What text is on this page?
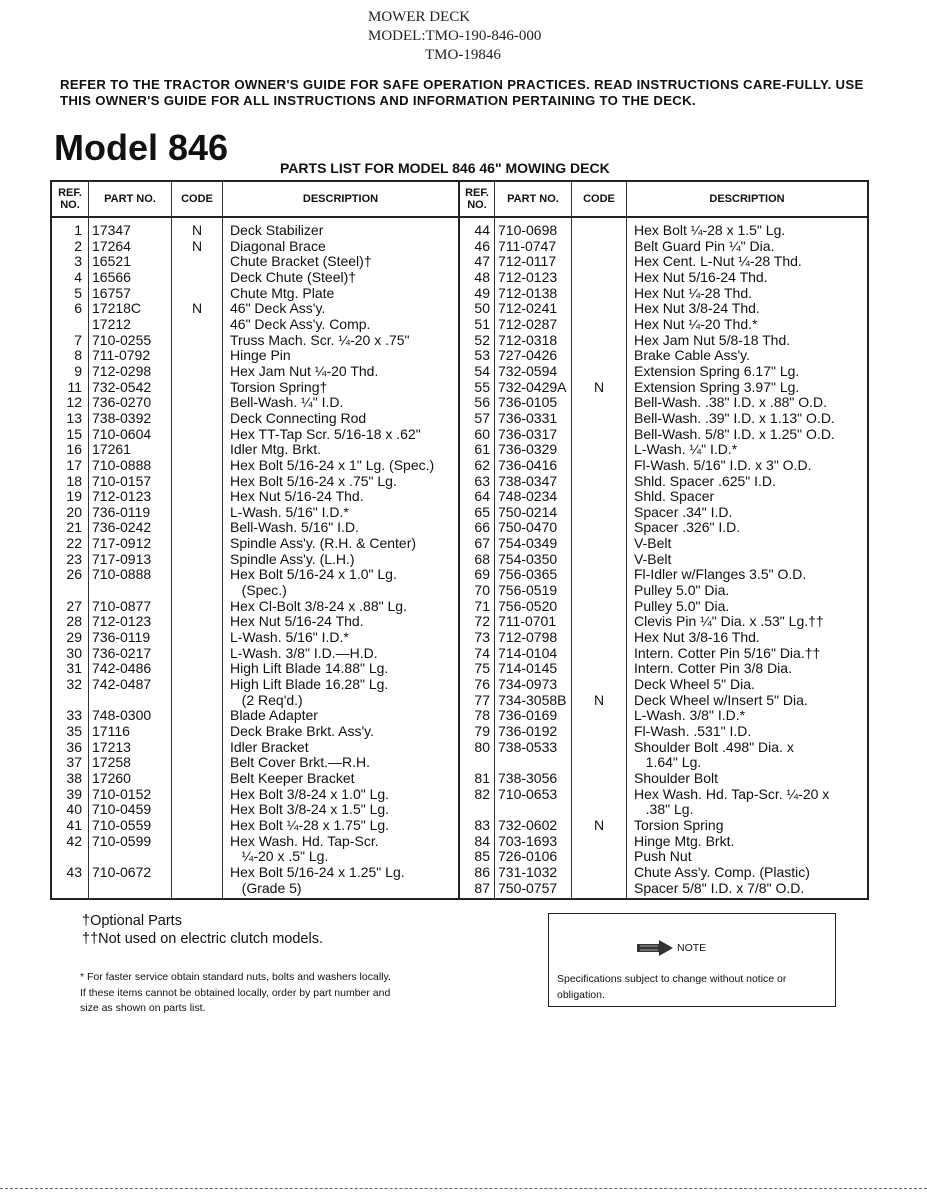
MOWER DECK
MODEL:TMO-190-846-000
TMO-19846
REFER TO THE TRACTOR OWNER'S GUIDE FOR SAFE OPERATION PRACTICES. READ INSTRUCTIONS CARE-FULLY. USE THIS OWNER'S GUIDE FOR ALL INSTRUCTIONS AND INFORMATION PERTAINING TO THE DECK.
Model 846	PARTS LIST FOR MODEL 846 46" MOWING DECK
REF. NO.	PART NO.	CODE	DESCRIPTION
1 17347	N	Deck Stabilizer
2 17264	N	Diagonal Brace
3 16521	Chute Bracket (Steel)†
4 16566	Deck Chute (Steel)†
5 16757	Chute Mtg. Plate
6 17218C	N	46" Deck Ass'y.
17212	46" Deck Ass'y. Comp.
7 710-0255	Truss Mach. Scr. ¼-20 x .75"
8 711-0792	Hinge Pin
9 712-0298	Hex Jam Nut ¼-20 Thd.
11 732-0542	Torsion Spring†
12 736-0270	Bell-Wash. ¼" I.D.
13 738-0392	Deck Connecting Rod
15 710-0604	Hex TT-Tap Scr. 5/16-18 x .62"
16 17261	Idler Mtg. Brkt.
17 710-0888	Hex Bolt 5/16-24 x 1" Lg. (Spec.)
18 710-0157	Hex Bolt 5/16-24 x .75" Lg.
19 712-0123	Hex Nut 5/16-24 Thd.
20 736-0119	L-Wash. 5/16" I.D.*
21 736-0242	Bell-Wash. 5/16" I.D.
22 717-0912	Spindle Ass'y. (R.H. & Center)
23 717-0913	Spindle Ass'y. (L.H.)
26 710-0888	Hex Bolt 5/16-24 x 1.0" Lg.
(Spec.)
27 710-0877	Hex Cl-Bolt 3/8-24 x .88" Lg.
28 712-0123	Hex Nut 5/16-24 Thd.
29 736-0119	L-Wash. 5/16" I.D.*
30 736-0217	L-Wash. 3/8" I.D.—H.D.
31 742-0486	High Lift Blade 14.88" Lg.
32 742-0487	High Lift Blade 16.28" Lg.
(2 Req'd.)
33 748-0300	Blade Adapter
35 17116	Deck Brake Brkt. Ass'y.
36 17213	Idler Bracket
37 17258	Belt Cover Brkt.—R.H.
38 17260	Belt Keeper Bracket
39 710-0152	Hex Bolt 3/8-24 x 1.0" Lg.
40 710-0459	Hex Bolt 3/8-24 x 1.5" Lg.
41 710-0559	Hex Bolt ¼-28 x 1.75" Lg.
42 710-0599	Hex Wash. Hd. Tap-Scr.
¼-20 x .5" Lg.
43 710-0672	Hex Bolt 5/16-24 x 1.25" Lg.
(Grade 5)
REF. NO.	PART NO.	CODE	DESCRIPTION
44 710-0698	Hex Bolt ¼-28 x 1.5" Lg.
46 711-0747	Belt Guard Pin ¼" Dia.
47 712-0117	Hex Cent. L-Nut ¼-28 Thd.
48 712-0123	Hex Nut 5/16-24 Thd.
49 712-0138	Hex Nut ¼-28 Thd.
50 712-0241	Hex Nut 3/8-24 Thd.
51 712-0287	Hex Nut ¼-20 Thd.*
52 712-0318	Hex Jam Nut 5/8-18 Thd.
53 727-0426	Brake Cable Ass'y.
54 732-0594	Extension Spring 6.17" Lg.
55 732-0429A	N	Extension Spring 3.97" Lg.
56 736-0105	Bell-Wash. .38" I.D. x .88" O.D.
57 736-0331	Bell-Wash. .39" I.D. x 1.13" O.D.
60 736-0317	Bell-Wash. 5/8" I.D. x 1.25" O.D.
61 736-0329	L-Wash. ¼" I.D.*
62 736-0416	Fl-Wash. 5/16" I.D. x 3" O.D.
63 738-0347	Shld. Spacer .625" I.D.
64 748-0234	Shld. Spacer
65 750-0214	Spacer .34" I.D.
66 750-0470	Spacer .326" I.D.
67 754-0349	V-Belt
68 754-0350	V-Belt
69 756-0365	Fl-Idler w/Flanges 3.5" O.D.
70 756-0519	Pulley 5.0" Dia.
71 756-0520	Pulley 5.0" Dia.
72 711-0701	Clevis Pin ¼" Dia. x .53" Lg.††
73 712-0798	Hex Nut 3/8-16 Thd.
74 714-0104	Intern. Cotter Pin 5/16" Dia.††
75 714-0145	Intern. Cotter Pin 3/8 Dia.
76 734-0973	Deck Wheel 5" Dia.
77 734-3058B	N	Deck Wheel w/Insert 5" Dia.
78 736-0169	L-Wash. 3/8" I.D.*
79 736-0192	Fl-Wash. .531" I.D.
80 738-0533	Shoulder Bolt .498" Dia. x
1.64" Lg.
81 738-3056	Shoulder Bolt
82 710-0653	Hex Wash. Hd. Tap-Scr. ¼-20 x
.38" Lg.
83 732-0602	N	Torsion Spring
84 703-1693	Hinge Mtg. Brkt.
85 726-0106	Push Nut
86 731-1032	Chute Ass'y. Comp. (Plastic)
87 750-0757	Spacer 5/8" I.D. x 7/8" O.D.
†Optional Parts
††Not used on electric clutch models.
* For faster service obtain standard nuts, bolts and washers locally.
If these items cannot be obtained locally, order by part number and
size as shown on parts list.
NOTE
Specifications subject to change without notice or obligation.
